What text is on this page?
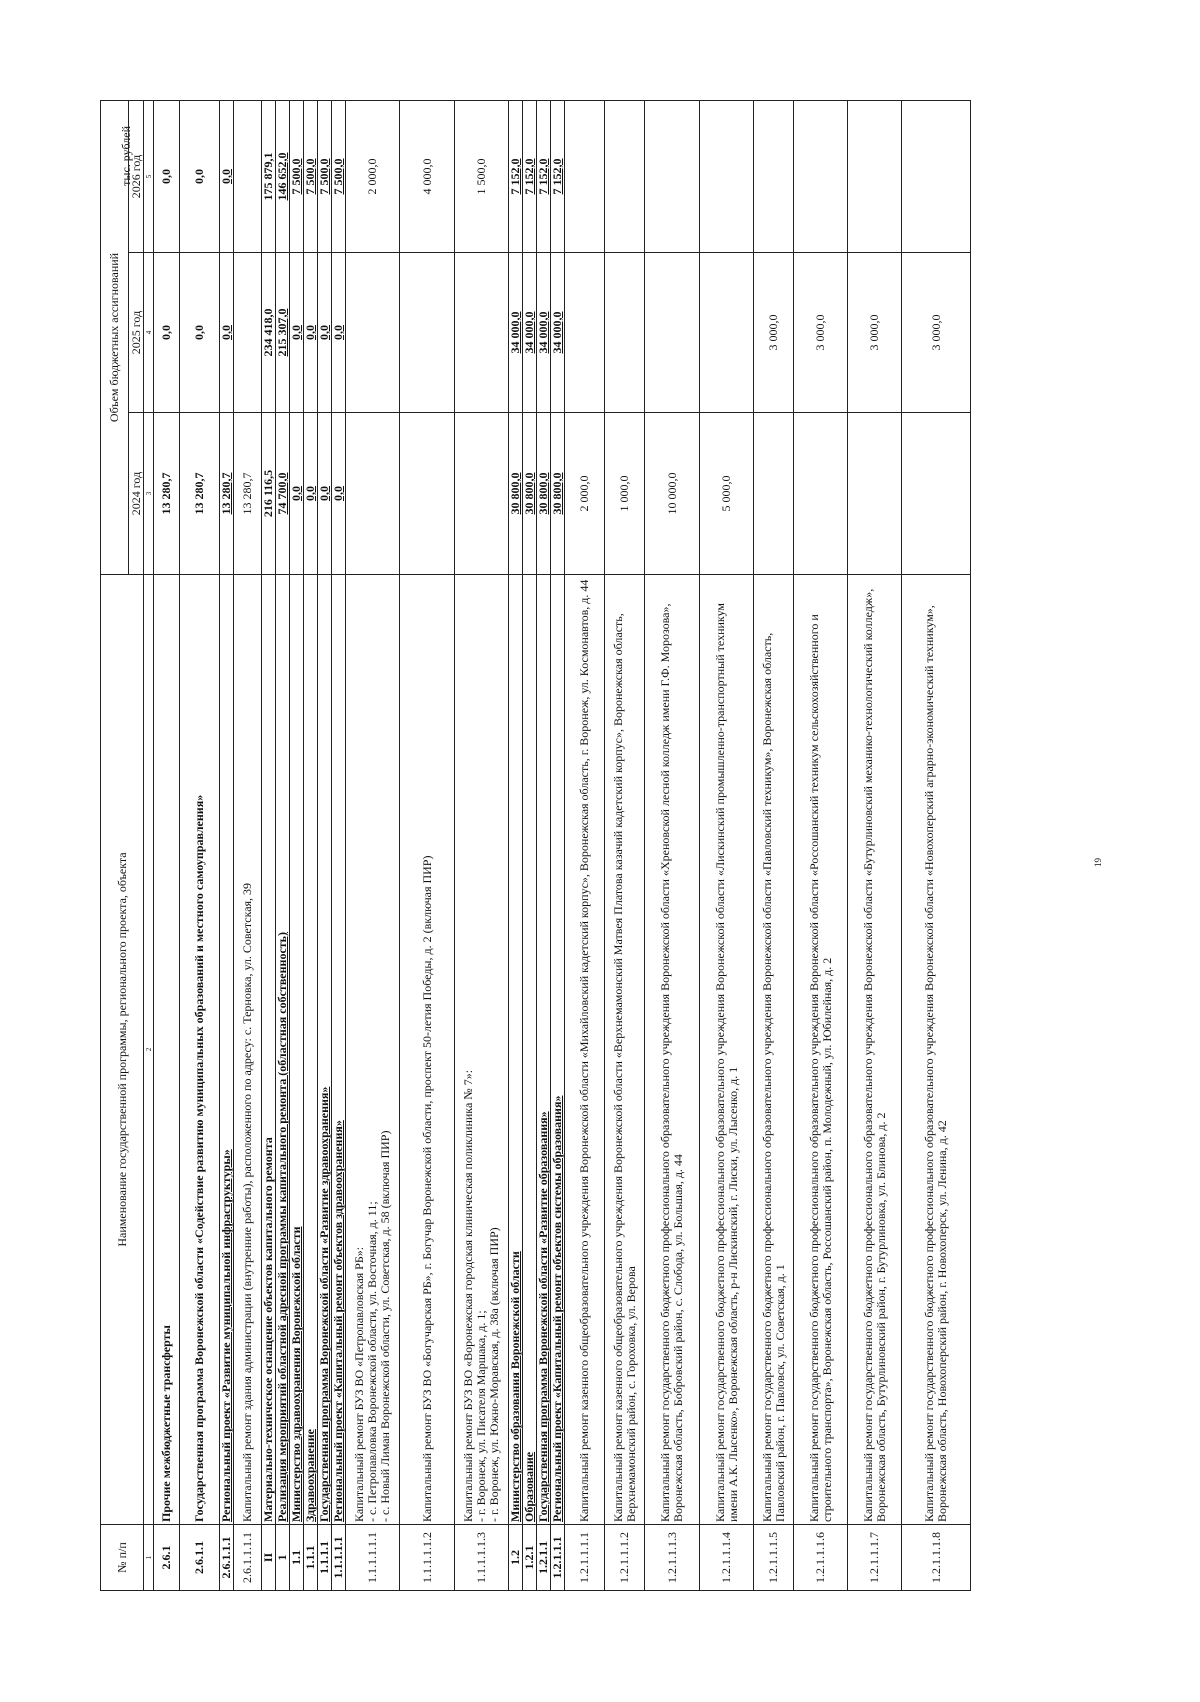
19
тыс. рублей
№ п/п	Наименование государственной программы, регионального проекта, объекта	Объем бюджетных ассигнований		
		2024 год	2025 год	2026 год
1	2	3	4	5
2.6.1	Прочие межбюджетные трансферты	13 280,7	0,0	0,0
2.6.1.1	Государственная программа Воронежской области «Содействие развитию муниципальных образований и местного самоуправления»	13 280,7	0,0	0,0
2.6.1.1.1	Региональный проект «Развитие муниципальной инфраструктуры»	13 280,7	0,0	0,0
2.6.1.1.1.1	Капитальный ремонт здания администрации (внутренние работы), расположенного по адресу: с. Терновка, ул. Советская, 39	13 280,7		
II	Материально-техническое оснащение объектов капитального ремонта	216 116,5	234 418,0	175 879,1
1	Реализация мероприятий областной адресной программы капитального ремонта (областная собственность)	74 700,0	215 307,0	146 652,0
1.1	Министерство здравоохранения Воронежской области	0,0	0,0	7 500,0
1.1.1	Здравоохранение	0,0	0,0	7 500,0
1.1.1.1	Государственная программа Воронежской области «Развитие здравоохранения»	0,0	0,0	7 500,0
1.1.1.1.1	Региональный проект «Капитальный ремонт объектов здравоохранения»	0,0	0,0	7 500,0
1.1.1.1.1.1	Капитальный ремонт БУЗ ВО «Петропавловская РБ»: - с. Петропавловка Воронежской области, ул. Восточная, д. 11; - с. Новый Лиман Воронежской области, ул. Советская, д. 58 (включая ПИР)			2 000,0
1.1.1.1.1.2	Капитальный ремонт БУЗ ВО «Богучарская РБ», г. Богучар Воронежской области, проспект 50-летия Победы, д. 2 (включая ПИР)			4 000,0
1.1.1.1.1.3	Капитальный ремонт БУЗ ВО «Воронежская городская клиническая поликлиника № 7»: - г. Воронеж, ул. Писателя Маршака, д. 1; - г. Воронеж, ул. Южно-Моравская, д. 38а (включая ПИР)			1 500,0
1.2	Министерство образования Воронежской области	30 800,0	34 000,0	7 152,0
1.2.1	Образование	30 800,0	34 000,0	7 152,0
1.2.1.1	Государственная программа Воронежской области «Развитие образования»	30 800,0	34 000,0	7 152,0
1.2.1.1.1	Региональный проект «Капитальный ремонт объектов системы образования»	30 800,0	34 000,0	7 152,0
1.2.1.1.1.1	Капитальный ремонт казенного общеобразовательного учреждения Воронежской области «Михайловский кадетский корпус», Воронежская область, г. Воронеж, ул. Космонавтов, д. 44	2 000,0		
1.2.1.1.1.2	Капитальный ремонт казенного общеобразовательного учреждения Воронежской области «Верхнемамонский Матвея Платова казачий кадетский корпус», Воронежская область, Верхнемамонский район, с. Гороховка, ул. Верова	1 000,0		
1.2.1.1.1.3	Капитальный ремонт государственного бюджетного профессионального образовательного учреждения Воронежской области «Хреновской лесной колледж имени Г.Ф. Морозова», Воронежская область, Бобровский район, с. Слобода, ул. Большая, д. 44	10 000,0		
1.2.1.1.1.4	Капитальный ремонт государственного бюджетного профессионального образовательного учреждения Воронежской области «Лискинский промышленно-транспортный техникум имени А.К. Лысенко», Воронежская область, р-н Лискинский, г. Лиски, ул. Лысенко, д. 1	5 000,0		
1.2.1.1.1.5	Капитальный ремонт государственного бюджетного профессионального образовательного учреждения Воронежской области «Павловский техникум», Воронежская область, Павловский район, г. Павловск, ул. Советская, д. 1		3 000,0	
1.2.1.1.1.6	Капитальный ремонт государственного бюджетного профессионального образовательного учреждения Воронежской области «Россошанский техникум сельскохозяйственного и строительного транспорта», Воронежская область, Россошанский район, п. Молодежный, ул. Юбилейная, д. 2		3 000,0	
1.2.1.1.1.7	Капитальный ремонт государственного бюджетного профессионального образовательного учреждения Воронежской области «Бутурлиновский механико-технологический колледж», Воронежская область, Бутурлиновский район, г. Бутурлиновка, ул. Блинова, д. 2		3 000,0	
1.2.1.1.1.8	Капитальный ремонт государственного бюджетного профессионального образовательного учреждения Воронежской области «Новохоперский аграрно-экономический техникум», Воронежская область, Новохоперский район, г. Новохоперск, ул. Ленина, д. 42		3 000,0	
